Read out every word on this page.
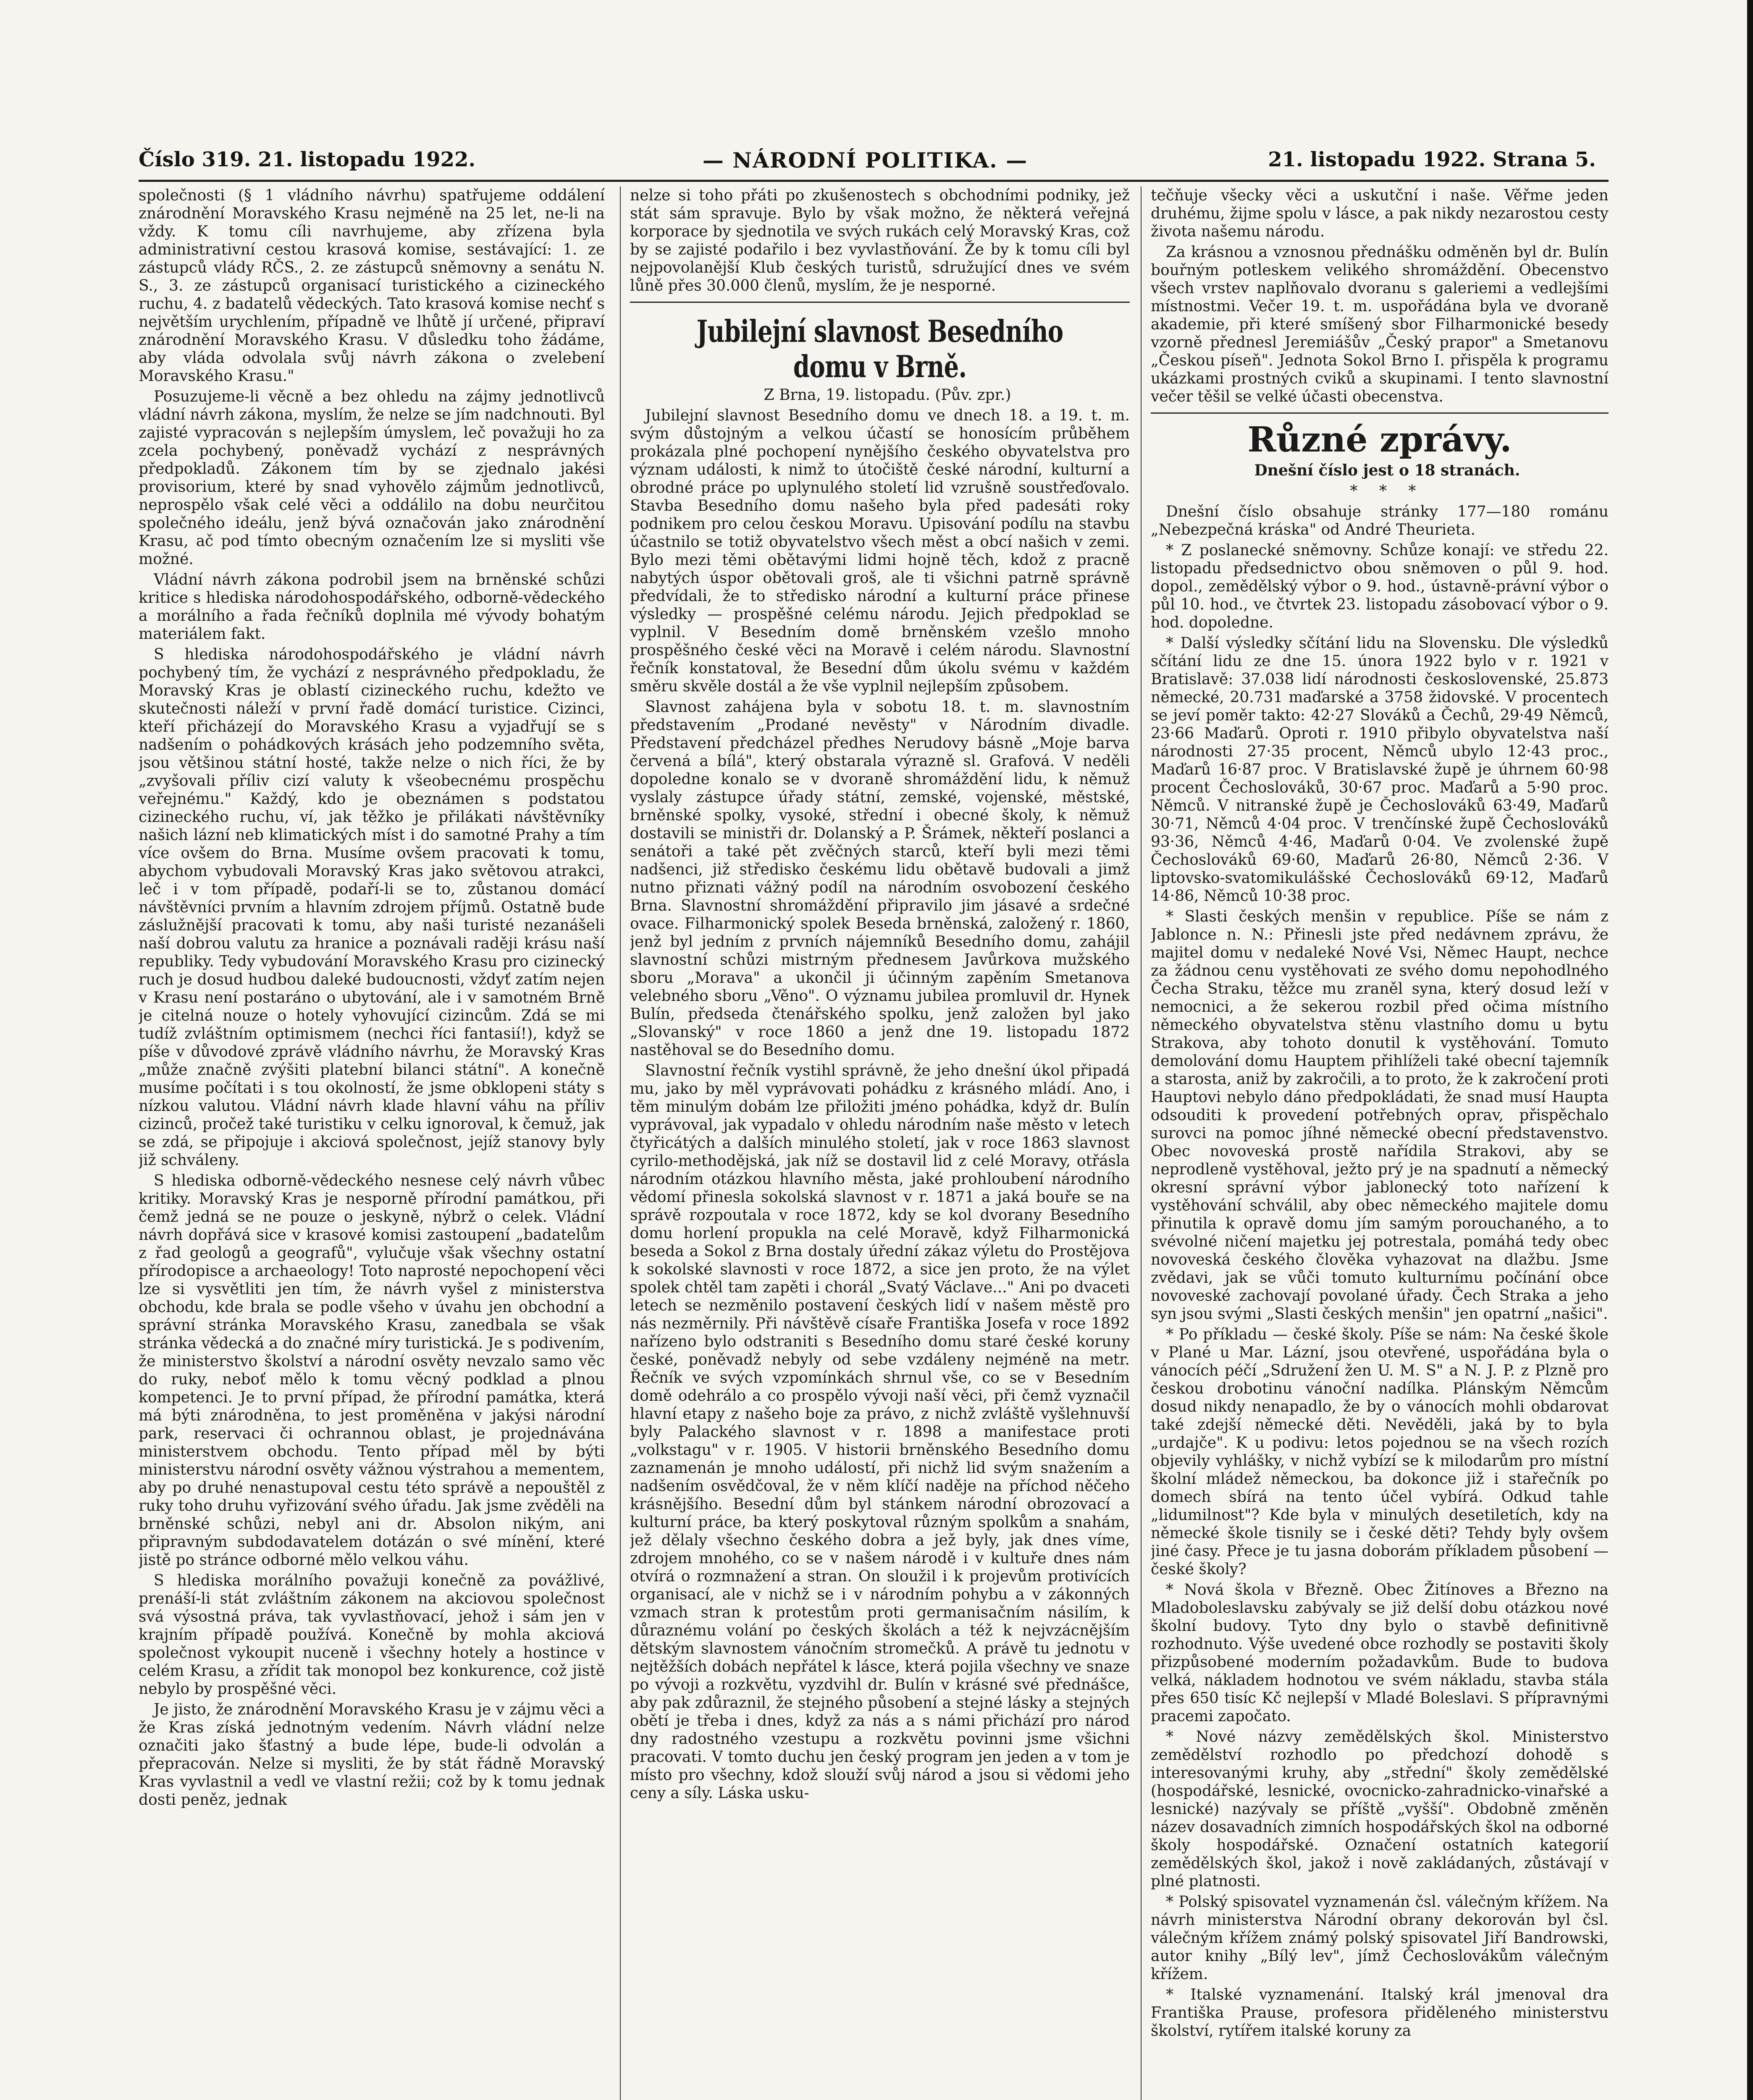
Číslo 319. 21. listopadu 1922.	— NÁRODNÍ POLITIKA. —	21. listopadu 1922. Strana 5.

společnosti (§ 1 vládního návrhu) spatřujeme oddálení znárodnění Moravského Krasu nejméně na 25 let, ne-li na vždy. K tomu cíli navrhujeme, aby zřízena byla administrativní cestou krasová komise, sestávající: 1. ze zástupců vlády RČS., 2. ze zástupců sněmovny a senátu N. S., 3. ze zástupců organisací turistického a cizineckého ruchu, 4. z badatelů vědeckých. Tato krasová komise nechť s největším urychlením, případně ve lhůtě jí určené, připraví znárodnění Moravského Krasu. V důsledku toho žádáme, aby vláda odvolala svůj návrh zákona o zvelebení Moravského Krasu."

Posuzujeme-li věcně a bez ohledu na zájmy jednotlivců vládní návrh zákona, myslím, že nelze se jím nadchnouti. Byl zajisté vypracován s nejlepším úmyslem, leč považuji ho za zcela pochybený, poněvadž vychází z nesprávných předpokladů. Zákonem tím by se zjednalo jakési provisorium, které by snad vyhovělo zájmům jednotlivců, neprospělo však celé věci a oddálilo na dobu neurčitou společného ideálu, jenž bývá označován jako znárodnění Krasu, ač pod tímto obecným označením lze si mysliti vše možné.

Vládní návrh zákona podrobil jsem na brněnské schůzi kritice s hlediska národohospodářského, odborně-vědeckého a morálního a řada řečníků doplnila mé vývody bohatým materiálem fakt.

S hlediska národohospodářského je vládní návrh pochybený tím, že vychází z nesprávného předpokladu, že Moravský Kras je oblastí cizineckého ruchu, kdežto ve skutečnosti náleží v první řadě domácí turistice. Cizinci, kteří přicházejí do Moravského Krasu a vyjadřují se s nadšením o pohádkových krásách jeho podzemního světa, jsou většinou státní hosté, takže nelze o nich říci, že by „zvyšovali příliv cizí valuty k všeobecnému prospěchu veřejnému." Každý, kdo je obeznámen s podstatou cizineckého ruchu, ví, jak těžko je přilákati návštěvníky našich lázní neb klimatických míst i do samotné Prahy a tím více ovšem do Brna. Musíme ovšem pracovati k tomu, abychom vybudovali Moravský Kras jako světovou atrakci, leč i v tom případě, podaří-li se to, zůstanou domácí návštěvníci prvním a hlavním zdrojem příjmů. Ostatně bude záslužnější pracovati k tomu, aby naši turisté nezanášeli naší dobrou valutu za hranice a poznávali raději krásu naší republiky. Tedy vybudování Moravského Krasu pro cizinecký ruch je dosud hudbou daleké budoucnosti, vždyť zatím nejen v Krasu není postaráno o ubytování, ale i v samotném Brně je citelná nouze o hotely vyhovující cizincům. Zdá se mi tudíž zvláštním optimismem (nechci říci fantasií!), když se píše v důvodové zprávě vládního návrhu, že Moravský Kras „může značně zvýšiti platební bilanci státní". A konečně musíme počítati i s tou okolností, že jsme obklopeni státy s nízkou valutou. Vládní návrh klade hlavní váhu na příliv cizinců, pročež také turistiku v celku ignoroval, k čemuž, jak se zdá, se připojuje i akciová společnost, jejíž stanovy byly již schváleny.

S hlediska odborně-vědeckého nesnese celý návrh vůbec kritiky. Moravský Kras je nesporně přírodní památkou, při čemž jedná se ne pouze o jeskyně, nýbrž o celek. Vládní návrh dopřává sice v krasové komisi zastoupení „badatelům z řad geologů a geografů", vylučuje však všechny ostatní přírodopisce a archaeology! Toto naprosté nepochopení věci lze si vysvětliti jen tím, že návrh vyšel z ministerstva obchodu, kde brala se podle všeho v úvahu jen obchodní a správní stránka Moravského Krasu, zanedbala se však stránka vědecká a do značné míry turistická. Je s podivením, že ministerstvo školství a národní osvěty nevzalo samo věc do ruky, neboť mělo k tomu věcný podklad a plnou kompetenci. Je to první případ, že přírodní památka, která má býti znárodněna, to jest proměněna v jakýsi národní park, reservaci či ochrannou oblast, je projednávána ministerstvem obchodu. Tento případ měl by býti ministerstvu národní osvěty vážnou výstrahou a mementem, aby po druhé nenastupoval cestu této správě a nepouštěl z ruky toho druhu vyřizování svého úřadu. Jak jsme zvěděli na brněnské schůzi, nebyl ani dr. Absolon nikým, ani připravným subdodavatelem dotázán o své mínění, které jistě po stránce odborné mělo velkou váhu.

S hlediska morálního považuji konečně za povážlivé, prenáší-li stát zvláštním zákonem na akciovou společnost svá výsostná práva, tak vyvlastňovací, jehož i sám jen v krajním případě používá. Konečně by mohla akciová společnost vykoupit nuceně i všechny hotely a hostince v celém Krasu, a zřídit tak monopol bez konkurence, což jistě nebylo by prospěšné věci.

Je jisto, že znárodnění Moravského Krasu je v zájmu věci a že Kras získá jednotným vedením. Návrh vládní nelze označiti jako šťastný a bude lépe, bude-li odvolán a přepracován. Nelze si mysliti, že by stát řádně Moravský Kras vyvlastnil a vedl ve vlastní režii; což by k tomu jednak dosti peněz, jednak

nelze si toho přáti po zkušenostech s obchodními podniky, jež stát sám spravuje. Bylo by však možno, že některá veřejná korporace by sjednotila ve svých rukách celý Moravský Kras, což by se zajisté podařilo i bez vyvlastňování. Že by k tomu cíli byl nejpovolanější Klub českých turistů, sdružující dnes ve svém lůně přes 30.000 členů, myslím, že je nesporné.

Jubilejní slavnost Besedního domu v Brně.

Z Brna, 19. listopadu. (Pův. zpr.)

Jubilejní slavnost Besedního domu ve dnech 18. a 19. t. m. svým důstojným a velkou účastí se honosícím průběhem prokázala plné pochopení nynějšího českého obyvatelstva pro význam události, k nimž to útočiště české národní, kulturní a obrodné práce po uplynulého století lid vzrušně soustřeďovalo. Stavba Besedního domu našeho byla před padesáti roky podnikem pro celou českou Moravu. Upisování podílu na stavbu účastnilo se totiž obyvatelstvo všech měst a obcí našich v zemi. Bylo mezi těmi obětavými lidmi hojně těch, kdož z pracně nabytých úspor obětovali groš, ale ti všichni patrně správně předvídali, že to středisko národní a kulturní práce přinese výsledky — prospěšné celému národu. Jejich předpoklad se vyplnil. V Besedním domě brněnském vzešlo mnoho prospěšného české věci na Moravě i celém národu. Slavnostní řečník konstatoval, že Besední dům úkolu svému v každém směru skvěle dostál a že vše vyplnil nejlepším způsobem.

Slavnost zahájena byla v sobotu 18. t. m. slavnostním představením „Prodané nevěsty" v Národním divadle. Představení předcházel předhes Nerudovy básně „Moje barva červená a bílá", který obstarala výrazně sl. Grafová. V neděli dopoledne konalo se v dvoraně shromáždění lidu, k němuž vyslaly zástupce úřady státní, zemské, vojenské, městské, brněnské spolky, vysoké, střední i obecné školy, k němuž dostavili se ministři dr. Dolanský a P. Šrámek, někteří poslanci a senátoři a také pět zvěčných starců, kteří byli mezi těmi nadšenci, již středisko českému lidu obětavě budovali a jimž nutno přiznati vážný podíl na národním osvobození českého Brna. Slavnostní shromáždění připravilo jim jásavé a srdečné ovace. Filharmonický spolek Beseda brněnská, založený r. 1860, jenž byl jedním z prvních nájemníků Besedního domu, zahájil slavnostní schůzi mistrným přednesem Javůrkova mužského sboru „Morava" a ukončil ji účinným zapěním Smetanova velebného sboru „Věno". O významu jubilea promluvil dr. Hynek Bulín, předseda čtenářského spolku, jenž založen byl jako „Slovanský" v roce 1860 a jenž dne 19. listopadu 1872 nastěhoval se do Besedního domu.

Slavnostní řečník vystihl správně, že jeho dnešní úkol připadá mu, jako by měl vyprávovati pohádku z krásného mládí. Ano, i těm minulým dobám lze přiložiti jméno pohádka, když dr. Bulín vyprávoval, jak vypadalo v ohledu národním naše město v letech čtyřicátých a dalších minulého století, jak v roce 1863 slavnost cyrilo-methodějská, jak níž se dostavil lid z celé Moravy, otřásla národním otázkou hlavního města, jaké prohloubení národního vědomí přinesla sokolská slavnost v r. 1871 a jaká bouře se na správě rozpoutala v roce 1872, kdy se kol dvorany Besedního domu horlení propukla na celé Moravě, když Filharmonická beseda a Sokol z Brna dostaly úřední zákaz výletu do Prostějova k sokolské slavnosti v roce 1872, a sice jen proto, že na výlet spolek chtěl tam zapěti i chorál „Svatý Václave..." Ani po dvaceti letech se nezměnilo postavení českých lidí v našem městě pro nás nezměrnily. Při návštěvě císaře Františka Josefa v roce 1892 nařízeno bylo odstraniti s Besedního domu staré české koruny české, poněvadž nebyly od sebe vzdáleny nejméně na metr. Řečník ve svých vzpomínkách shrnul vše, co se v Besedním domě odehrálo a co prospělo vývoji naší věci, při čemž vyznačil hlavní etapy z našeho boje za právo, z nichž zvláště vyšlehnuvší byly Palackého slavnost v r. 1898 a manifestace proti „volkstagu" v r. 1905. V historii brněnského Besedního domu zaznamenán je mnoho událostí, při nichž lid svým snažením a nadšením osvědčoval, že v něm klíčí naděje na příchod něčeho krásnějšího. Besední dům byl stánkem národní obrozovací a kulturní práce, ba který poskytoval různým spolkům a snahám, jež dělaly všechno českého dobra a jež byly, jak dnes víme, zdrojem mnohého, co se v našem národě i v kultuře dnes nám otvírá o rozmnažení a stran. On sloužil i k projevům protivících organisací, ale v nichž se i v národním pohybu a v zákonných vzmach stran k protestům proti germanisačním násilím, k důraznému volání po českých školách a též k nejvzácnějším dětským slavnostem vánočním stromečků. A právě tu jednotu v nejtěžších dobách nepřátel k lásce, která pojila všechny ve snaze po vývoji a rozkvětu, vyzdvihl dr. Bulín v krásné své přednášce, aby pak zdůraznil, že stejného působení a stejné lásky a stejných obětí je třeba i dnes, když za nás a s námi přichází pro národ dny radostného vzestupu a rozkvětu povinni jsme všichni pracovati. V tomto duchu jen český program jen jeden a v tom je místo pro všechny, kdož slouží svůj národ a jsou si vědomi jeho ceny a síly. Láska usku-

tečňuje všecky věci a uskutční i naše. Věřme jeden druhému, žijme spolu v lásce, a pak nikdy nezarostou cesty života našemu národu.

Za krásnou a vznosnou přednášku odměněn byl dr. Bulín bouřným potleskem velikého shromáždění. Obecenstvo všech vrstev naplňovalo dvoranu s galeriemi a vedlejšími místnostmi. Večer 19. t. m. uspořádána byla ve dvoraně akademie, při které smíšený sbor Filharmonické besedy vzorně přednesl Jeremiášův „Český prapor" a Smetanovu „Českou píseň". Jednota Sokol Brno I. přispěla k programu ukázkami prostných cviků a skupinami. I tento slavnostní večer těšil se velké účasti obecenstva.

Různé zprávy.

Dnešní číslo jest o 18 stranách.

* * *

Dnešní číslo obsahuje stránky 177—180 románu „Nebezpečná kráska" od André Theurieta.

* Z poslanecké sněmovny. Schůze konají: ve středu 22. listopadu předsednictvo obou sněmoven o půl 9. hod. dopol., zemědělský výbor o 9. hod., ústavně-právní výbor o půl 10. hod., ve čtvrtek 23. listopadu zásobovací výbor o 9. hod. dopoledne.

* Další výsledky sčítání lidu na Slovensku. Dle výsledků sčítání lidu ze dne 15. února 1922 bylo v r. 1921 v Bratislavě: 37.038 lidí národnosti československé, 25.873 německé, 20.731 maďarské a 3758 židovské. V procentech se jeví poměr takto: 42·27 Slováků a Čechů, 29·49 Němců, 23·66 Maďarů. Oproti r. 1910 přibylo obyvatelstva naší národnosti 27·35 procent, Němců ubylo 12·43 proc., Maďarů 16·87 proc. V Bratislavské župě je úhrnem 60·98 procent Čechoslováků, 30·67 proc. Maďarů a 5·90 proc. Němců. V nitranské župě je Čechoslováků 63·49, Maďarů 30·71, Němců 4·04 proc. V trenčínské župě Čechoslováků 93·36, Němců 4·46, Maďarů 0·04. Ve zvolenské župě Čechoslováků 69·60, Maďarů 26·80, Němců 2·36. V liptovsko-svatomikulášské Čechoslováků 69·12, Maďarů 14·86, Němců 10·38 proc.

* Slasti českých menšin v republice. Píše se nám z Jablonce n. N.: Přinesli jste před nedávnem zprávu, že majitel domu v nedaleké Nové Vsi, Němec Haupt, nechce za žádnou cenu vystěhovati ze svého domu nepohodlného Čecha Straku, těžce mu zraněl syna, který dosud leží v nemocnici, a že sekerou rozbil před očima místního německého obyvatelstva stěnu vlastního domu u bytu Strakova, aby tohoto donutil k vystěhování. Tomuto demolování domu Hauptem přihlíželi také obecní tajemník a starosta, aniž by zakročili, a to proto, že k zakročení proti Hauptovi nebylo dáno předpokládati, že snad musí Haupta odsouditi k provedení potřebných oprav, přispěchalo surovci na pomoc jíhné německé obecní představenstvo. Obec novoveská prostě nařídila Strakovi, aby se neprodleně vystěhoval, ježto prý je na spadnutí a německý okresní správní výbor jablonecký toto nařízení k vystěhování schválil, aby obec německého majitele domu přinutila k opravě domu jím samým porouchaného, a to svévolné ničení majetku jej potrestala, pomáhá tedy obec novoveská českého člověka vyhazovat na dlažbu. Jsme zvědavi, jak se vůči tomuto kulturnímu počínání obce novoveské zachovají povolané úřady. Čech Straka a jeho syn jsou svými „Slasti českých menšin" jen opatrní „našici".

* Po příkladu — české školy. Píše se nám: Na české škole v Plané u Mar. Lázní, jsou otevřené, uspořádána byla o vánocích péčí „Sdružení žen U. M. S" a N. J. P. z Plzně pro českou drobotinu vánoční nadílka. Plánským Němcům dosud nikdy nenapadlo, že by o vánocích mohli obdarovat také zdejší německé děti. Nevěděli, jaká by to byla „urdajče". K u podivu: letos pojednou se na všech rozích objevily vyhlášky, v nichž vybízí se k milodarům pro místní školní mládež německou, ba dokonce již i stařečník po domech sbírá na tento účel vybírá. Odkud tahle „lidumilnost"? Kde byla v minulých desetiletích, kdy na německé škole tisnily se i české děti? Tehdy byly ovšem jiné časy. Přece je tu jasna doborám příkladem působení — české školy?

* Nová škola v Březně. Obec Žitínoves a Březno na Mladoboleslavsku zabývaly se již delší dobu otázkou nové školní budovy. Tyto dny bylo o stavbě definitivně rozhodnuto. Výše uvedené obce rozhodly se postaviti školy přizpůsobené moderním požadavkům. Bude to budova velká, nákladem hodnotou ve svém nákladu, stavba stála přes 650 tisíc Kč nejlepší v Mladé Boleslavi. S přípravnými pracemi započato.

* Nové názvy zemědělských škol. Ministerstvo zemědělství rozhodlo po předchozí dohodě s interesovanými kruhy, aby „střední" školy zemědělské (hospodářské, lesnické, ovocnicko-zahradnicko-vinařské a lesnické) nazývaly se příště „vyšší". Obdobně změněn název dosavadních zimních hospodářských škol na odborné školy hospodářské. Označení ostatních kategorií zemědělských škol, jakož i nově zakládaných, zůstávají v plné platnosti.

* Polský spisovatel vyznamenán čsl. válečným křížem. Na návrh ministerstva Národní obrany dekorován byl čsl. válečným křížem známý polský spisovatel Jiří Bandrowski, autor knihy „Bílý lev", jímž Čechoslovákům válečným křížem.

* Italské vyznamenání. Italský král jmenoval dra Františka Prause, profesora přiděleného ministerstvu školství, rytířem italské koruny za
